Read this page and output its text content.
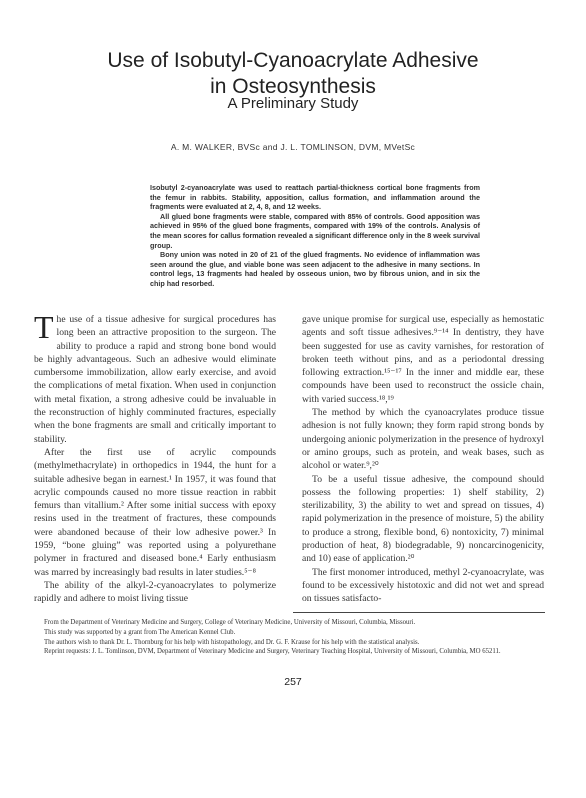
Use of Isobutyl-Cyanoacrylate Adhesive
in Osteosynthesis
A Preliminary Study
A. M. WALKER, BVSc and J. L. TOMLINSON, DVM, MVetSc

Isobutyl 2-cyanoacrylate was used to reattach partial-thickness cortical bone fragments from the femur in rabbits. Stability, apposition, callus formation, and inflammation around the fragments were evaluated at 2, 4, 8, and 12 weeks.

All glued bone fragments were stable, compared with 85% of controls. Good apposition was achieved in 95% of the glued bone fragments, compared with 19% of the controls. Analysis of the mean scores for callus formation revealed a significant difference only in the 8 week survival group.

Bony union was noted in 20 of 21 of the glued fragments. No evidence of inflammation was seen around the glue, and viable bone was seen adjacent to the adhesive in many sections. In control legs, 13 fragments had healed by osseous union, two by fibrous union, and in six the chip had resorbed.

The use of a tissue adhesive for surgical procedures has long been an attractive proposition to the surgeon. The ability to produce a rapid and strong bone bond would be highly advantageous. Such an adhesive would eliminate cumbersome immobilization, allow early exercise, and avoid the complications of metal fixation. When used in conjunction with metal fixation, a strong adhesive could be invaluable in the reconstruction of highly comminuted fractures, especially when the bone fragments are small and critically important to stability.

After the first use of acrylic compounds (methylmethacrylate) in orthopedics in 1944, the hunt for a suitable adhesive began in earnest.¹ In 1957, it was found that acrylic compounds caused no more tissue reaction in rabbit femurs than vitallium.² After some initial success with epoxy resins used in the treatment of fractures, these compounds were abandoned because of their low adhesive power.³ In 1959, “bone gluing” was reported using a polyurethane polymer in fractured and diseased bone.⁴ Early enthusiasm was marred by increasingly bad results in later studies.⁵⁻⁸

The ability of the alkyl-2-cyanoacrylates to polymerize rapidly and adhere to moist living tissue

gave unique promise for surgical use, especially as hemostatic agents and soft tissue adhesives.⁹⁻¹⁴ In dentistry, they have been suggested for use as cavity varnishes, for restoration of broken teeth without pins, and as a periodontal dressing following extraction.¹⁵⁻¹⁷ In the inner and middle ear, these compounds have been used to reconstruct the ossicle chain, with varied success.¹⁸,¹⁹

The method by which the cyanoacrylates produce tissue adhesion is not fully known; they form rapid strong bonds by undergoing anionic polymerization in the presence of hydroxyl or amino groups, such as protein, and weak bases, such as alcohol or water.⁹,²⁰

To be a useful tissue adhesive, the compound should possess the following properties: 1) shelf stability, 2) sterilizability, 3) the ability to wet and spread on tissues, 4) rapid polymerization in the presence of moisture, 5) the ability to produce a strong, flexible bond, 6) nontoxicity, 7) minimal production of heat, 8) biodegradable, 9) noncarcinogenicity, and 10) ease of application.²⁰

The first monomer introduced, methyl 2-cyanoacrylate, was found to be excessively histotoxic and did not wet and spread on tissues satisfacto-

From the Department of Veterinary Medicine and Surgery, College of Veterinary Medicine, University of Missouri, Columbia, Missouri.

This study was supported by a grant from The American Kennel Club.

The authors wish to thank Dr. L. Thornburg for his help with histopathology, and Dr. G. F. Krause for his help with the statistical analysis.

Reprint requests: J. L. Tomlinson, DVM, Department of Veterinary Medicine and Surgery, Veterinary Teaching Hospital, University of Missouri, Columbia, MO 65211.

257
